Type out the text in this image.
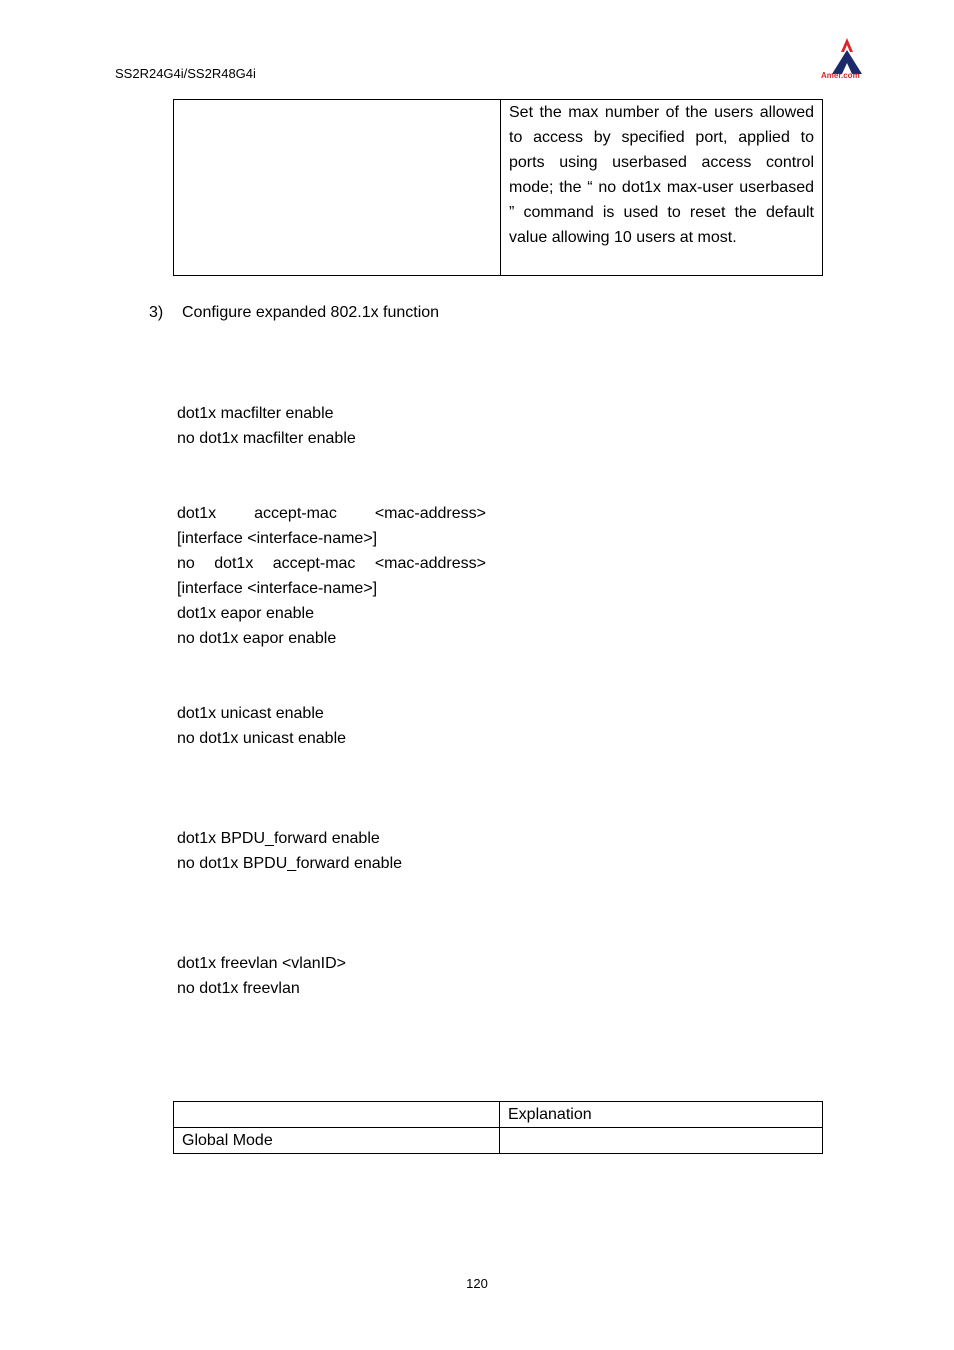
SS2R24G4i/SS2R48G4i	Amer.com
	Set the max number of the users allowed to access by specified port, applied to ports using userbased access control mode; the “ no dot1x max-user userbased ” command is used to reset the default value allowing 10 users at most.
3) Configure expanded 802.1x function
dot1x macfilter enable
no dot1x macfilter enable
dot1x accept-mac <mac-address>
[interface <interface-name>]
no dot1x accept-mac <mac-address>
[interface <interface-name>]
dot1x eapor enable
no dot1x eapor enable
dot1x unicast enable
no dot1x unicast enable
dot1x BPDU_forward enable
no dot1x BPDU_forward enable
dot1x freevlan <vlanID>
no dot1x freevlan
	Explanation
Global Mode	
120
